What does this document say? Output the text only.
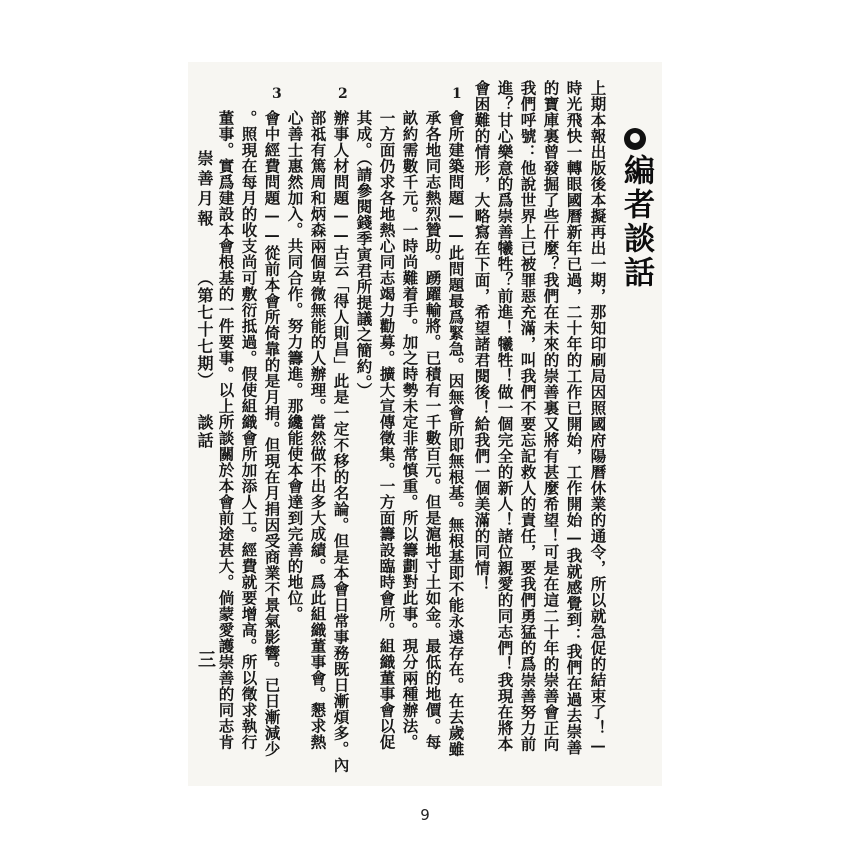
編者談話
上期本報出版後本擬再出一期，那知印刷局因照國府陽曆休業的通令，所以就急促的結束了！—
時光飛快一轉眼國曆新年已過，二十年的工作已開始，工作開始—我就感覺到：我們在過去崇善
的寶庫裏曾發掘了些什麼？我們在未來的崇善裏又將有甚麼希望！可是在這二十年的崇善會正向
我們呼號：他說世界上已被罪惡充滿，叫我們不要忘記救人的責任，要我們勇猛的爲崇善努力前
進？甘心樂意的爲崇善犧牲？前進！犧牲！做一個完全的新人！諸位親愛的同志們！我現在將本
會困難的情形，大略寫在下面，希望諸君閱後！給我們一個美滿的同情！
1
會所建築問題——此問題最爲緊急。因無會所即無根基。無根基即不能永遠存在。在去歲雖
承各地同志熱烈贊助。踴躍輸將。已積有一千數百元。但是滬地寸土如金。最低的地價。每
畝約需數千元。一時尚難着手。加之時勢未定非常慎重。所以籌劃對此事。現分兩種辦法。
一方面仍求各地熱心同志竭力勸募。擴大宣傳徵集。一方面籌設臨時會所。組織董事會以促
其成。（請參閱錢季寅君所提議之簡約。）
2
辦事人材問題——古云「得人則昌」此是一定不移的名論。但是本會日常事務既日漸煩多。內
部祗有篤周和炳森兩個卑微無能的人辦理。當然做不出多大成績。爲此組織董事會。懇求熱
心善士惠然加入。共同合作。努力籌進。那纔能使本會達到完善的地位。
3
會中經費問題——從前本會所倚靠的是月捐。但現在月捐因受商業不景氣影響。已日漸減少
。照現在每月的收支尚可敷衍抵過。假使組織會所加添人工。經費就要增高。所以徵求執行
董事。實爲建設本會根基的一件要事。以上所談關於本會前途甚大。倘蒙愛護崇善的同志肯
崇善月報
（第七十七期）
談話
三
9
